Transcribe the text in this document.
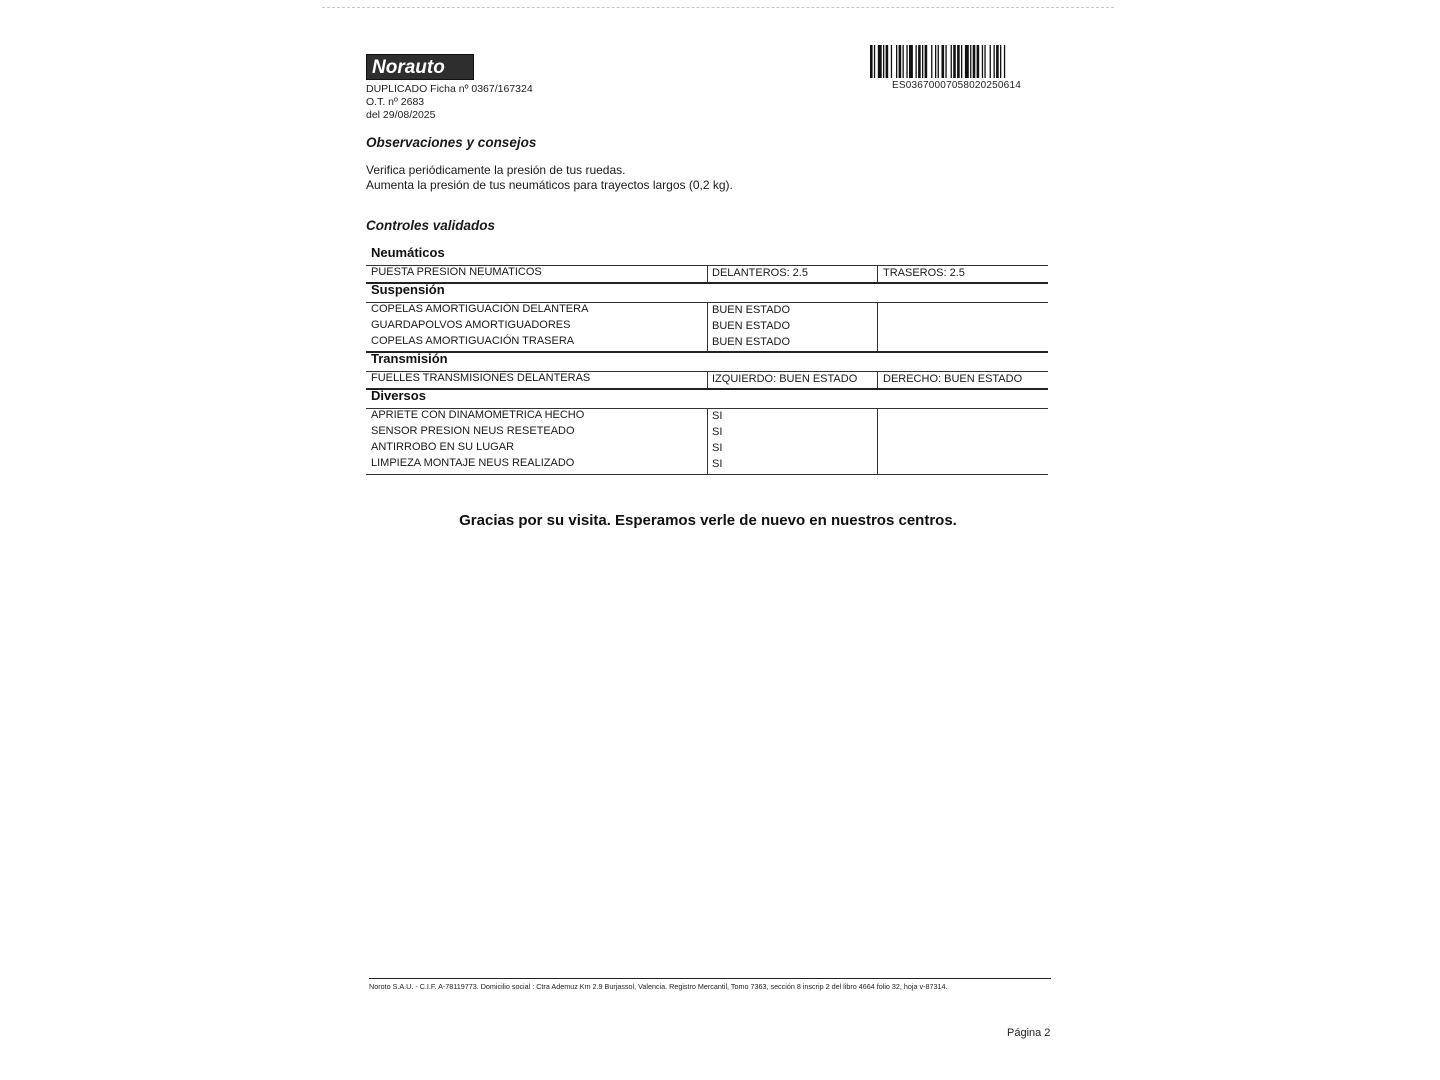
Norauto
DUPLICADO Ficha nº 0367/167324
O.T. nº 2683
del 29/08/2025
ES0367000705802025061​4
Observaciones y consejos
Verifica periódicamente la presión de tus ruedas.
Aumenta la presión de tus neumáticos para trayectos largos (0,2 kg).
Controles validados
Neumáticos
PUESTA PRESION NEUMATICOS	DELANTEROS: 2.5	TRASEROS: 2.5
Suspensión
COPELAS AMORTIGUACIÓN DELANTERA	BUEN ESTADO
GUARDAPOLVOS AMORTIGUADORES	BUEN ESTADO
COPELAS AMORTIGUACIÓN TRASERA	BUEN ESTADO
Transmisión
FUELLES TRANSMISIONES DELANTERAS	IZQUIERDO: BUEN ESTADO DERECHO: BUEN ESTADO
Diversos
APRIETE CON DINAMOMETRICA HECHO	SI
SENSOR PRESION NEUS RESETEADO	SI
ANTIRROBO EN SU LUGAR	SI
LIMPIEZA MONTAJE NEUS REALIZADO	SI
Gracias por su visita. Esperamos verle de nuevo en nuestros centros.
Noroto S.A.U. - C.I.F. A-78119773. Domicilio social : Ctra Ademuz Km 2.9 Burjassol, Valencia. Registro Mercantil, Tomo 7363, sección 8 inscrip 2 del libro 4664 folio 32, hoja v-87314.
Página 2
